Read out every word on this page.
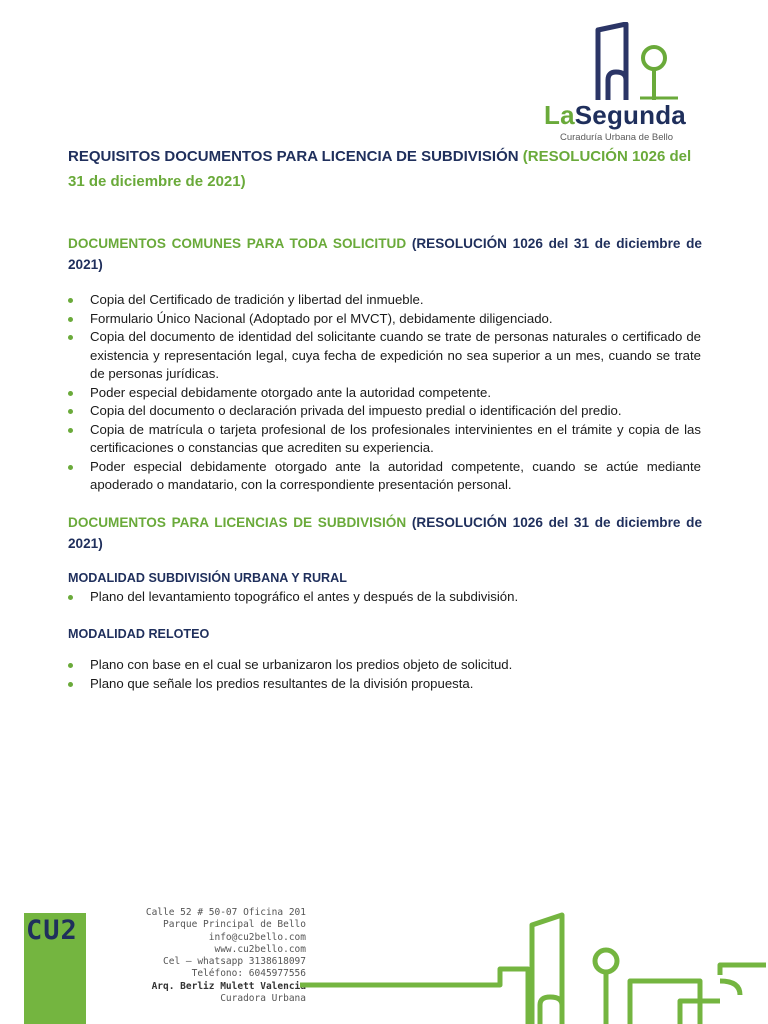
LaSegunda
Curaduría Urbana de Bello
REQUISITOS DOCUMENTOS PARA LICENCIA DE SUBDIVISIÓN (RESOLUCIÓN 1026 del 31 de diciembre de 2021)
DOCUMENTOS COMUNES PARA TODA SOLICITUD (RESOLUCIÓN 1026 del 31 de diciembre de 2021)
Copia del Certificado de tradición y libertad del inmueble.
Formulario Único Nacional (Adoptado por el MVCT), debidamente diligenciado.
Copia del documento de identidad del solicitante cuando se trate de personas naturales o certificado de existencia y representación legal, cuya fecha de expedición no sea superior a un mes, cuando se trate de personas jurídicas.
Poder especial debidamente otorgado ante la autoridad competente.
Copia del documento o declaración privada del impuesto predial o identificación del predio.
Copia de matrícula o tarjeta profesional de los profesionales intervinientes en el trámite y copia de las certificaciones o constancias que acrediten su experiencia.
Poder especial debidamente otorgado ante la autoridad competente, cuando se actúe mediante apoderado o mandatario, con la correspondiente presentación personal.
DOCUMENTOS PARA LICENCIAS DE SUBDIVISIÓN (RESOLUCIÓN 1026 del 31 de diciembre de 2021)
MODALIDAD SUBDIVISIÓN URBANA Y RURAL
Plano del levantamiento topográfico el antes y después de la subdivisión.
MODALIDAD RELOTEO
Plano con base en el cual se urbanizaron los predios objeto de solicitud.
Plano que señale los predios resultantes de la división propuesta.
CU2
Calle 52 # 50-07 Oficina 201
Parque Principal de Bello
info@cu2bello.com
www.cu2bello.com
Cel – whatsapp 3138618097
Teléfono: 6045977556
Arq. Berliz Mulett Valencia
Curadora Urbana
